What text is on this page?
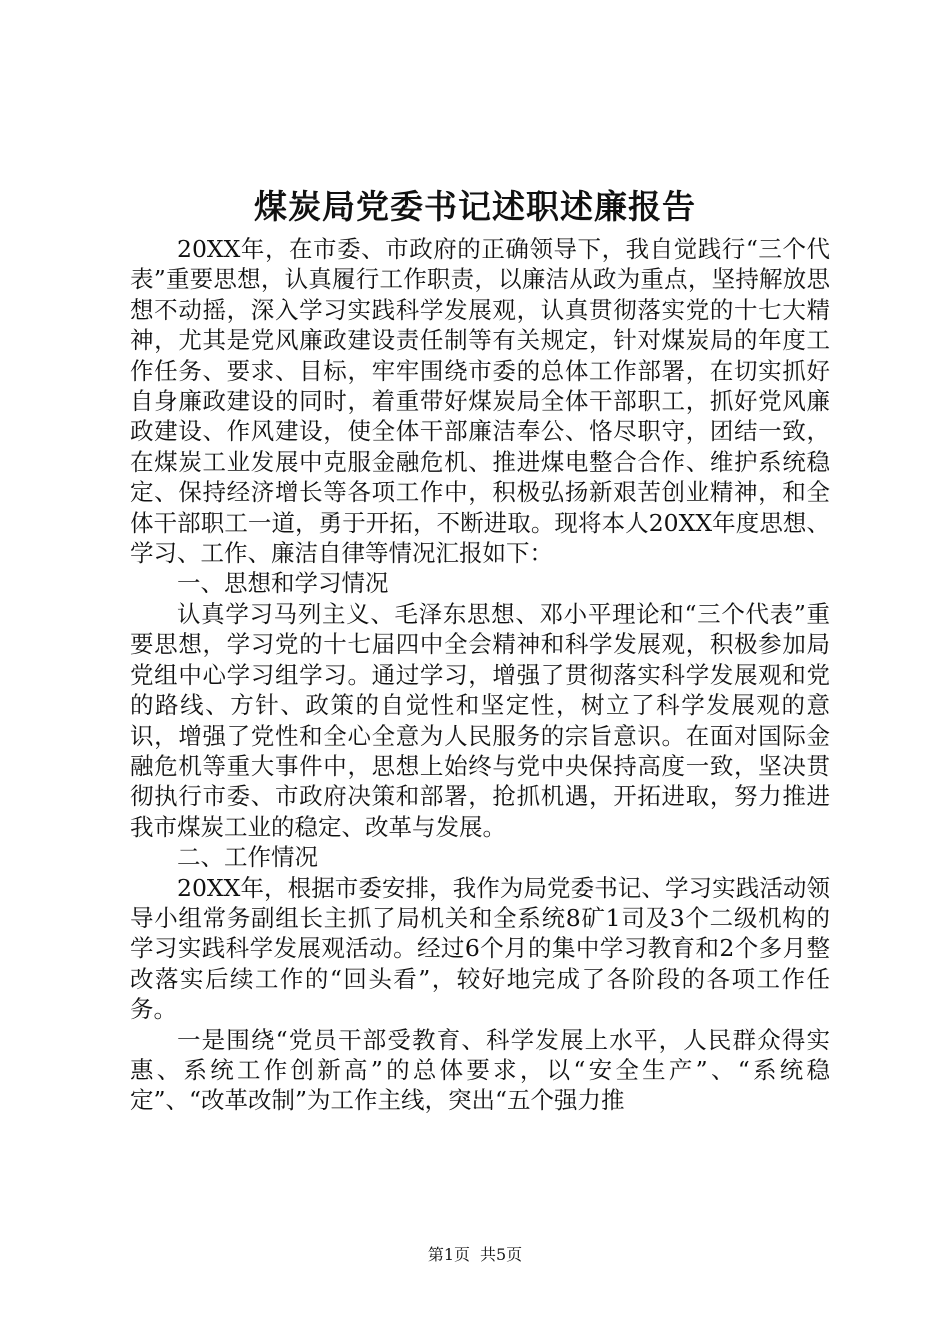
煤炭局党委书记述职述廉报告

20XX年，在市委、市政府的正确领导下，我自觉践行“三个代表”重要思想，认真履行工作职责，以廉洁从政为重点，坚持解放思想不动摇，深入学习实践科学发展观，认真贯彻落实党的十七大精神，尤其是党风廉政建设责任制等有关规定，针对煤炭局的年度工作任务、要求、目标，牢牢围绕市委的总体工作部署，在切实抓好自身廉政建设的同时，着重带好煤炭局全体干部职工，抓好党风廉政建设、作风建设，使全体干部廉洁奉公、恪尽职守，团结一致，在煤炭工业发展中克服金融危机、推进煤电整合合作、维护系统稳定、保持经济增长等各项工作中，积极弘扬新艰苦创业精神，和全体干部职工一道，勇于开拓，不断进取。现将本人20XX年度思想、学习、工作、廉洁自律等情况汇报如下：

一、思想和学习情况

认真学习马列主义、毛泽东思想、邓小平理论和“三个代表”重要思想，学习党的十七届四中全会精神和科学发展观，积极参加局党组中心学习组学习。通过学习，增强了贯彻落实科学发展观和党的路线、方针、政策的自觉性和坚定性，树立了科学发展观的意识，增强了党性和全心全意为人民服务的宗旨意识。在面对国际金融危机等重大事件中，思想上始终与党中央保持高度一致，坚决贯彻执行市委、市政府决策和部署，抢抓机遇，开拓进取，努力推进我市煤炭工业的稳定、改革与发展。

二、工作情况

20XX年，根据市委安排，我作为局党委书记、学习实践活动领导小组常务副组长主抓了局机关和全系统8矿1司及3个二级机构的学习实践科学发展观活动。经过6个月的集中学习教育和2个多月整改落实后续工作的“回头看”，较好地完成了各阶段的各项工作任务。

一是围绕“党员干部受教育、科学发展上水平，人民群众得实惠、系统工作创新高”的总体要求，以“安全生产”、“系统稳定”、“改革改制”为工作主线，突出“五个强力推

第1页 共5页
